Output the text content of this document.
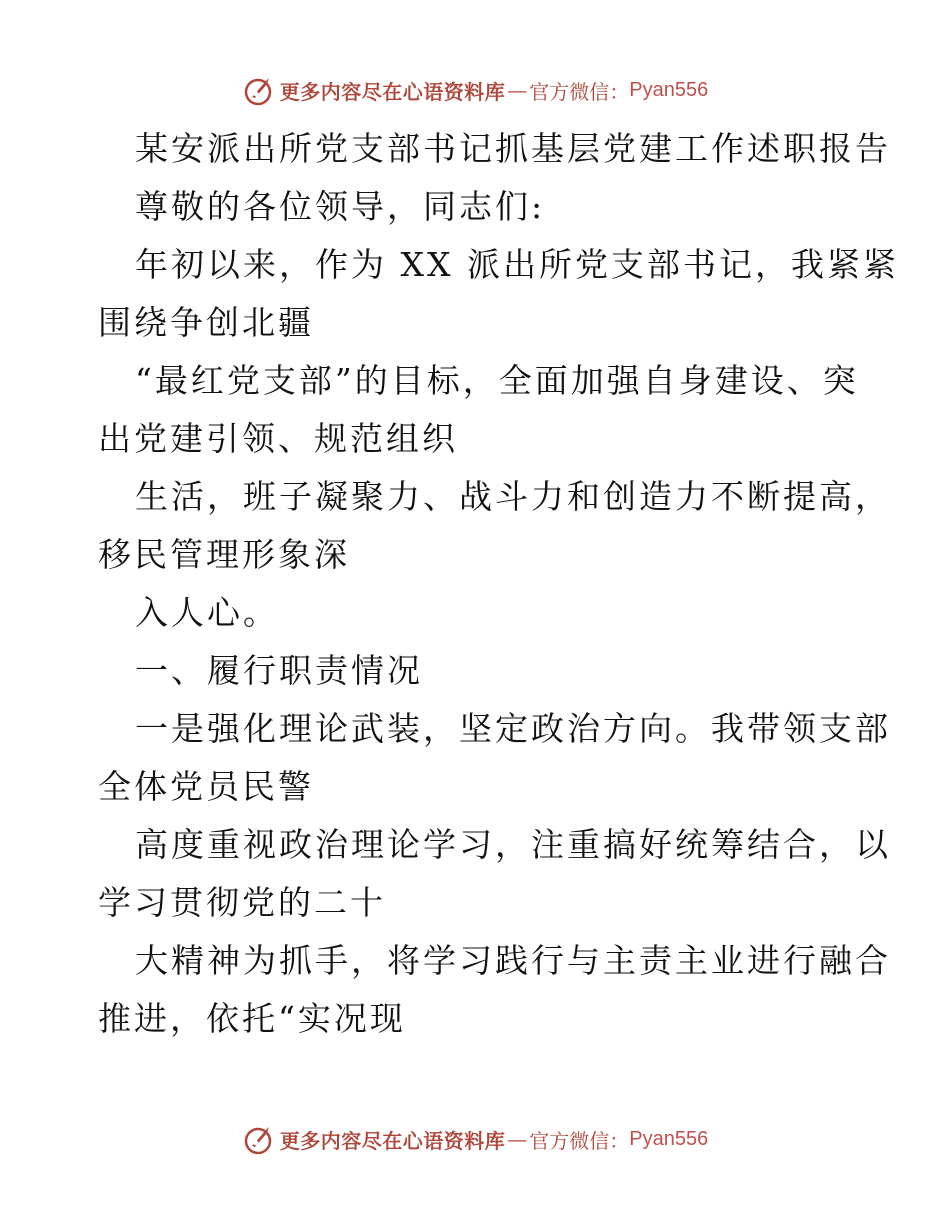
更多内容尽在心语资料库 — 官方微信： Pyan556
某安派出所党支部书记抓基层党建工作述职报告
尊敬的各位领导，同志们:
年初以来，作为 XX 派出所党支部书记，我紧紧
围绕争创北疆
“最红党支部”的目标，全面加强自身建设、突
出党建引领、规范组织
生活，班子凝聚力、战斗力和创造力不断提高，
移民管理形象深
入人心。
一、履行职责情况
一是强化理论武装，坚定政治方向。我带领支部
全体党员民警
高度重视政治理论学习，注重搞好统筹结合，以
学习贯彻党的二十
大精神为抓手，将学习践行与主责主业进行融合
推进，依托“实况现
更多内容尽在心语资料库 — 官方微信： Pyan556
